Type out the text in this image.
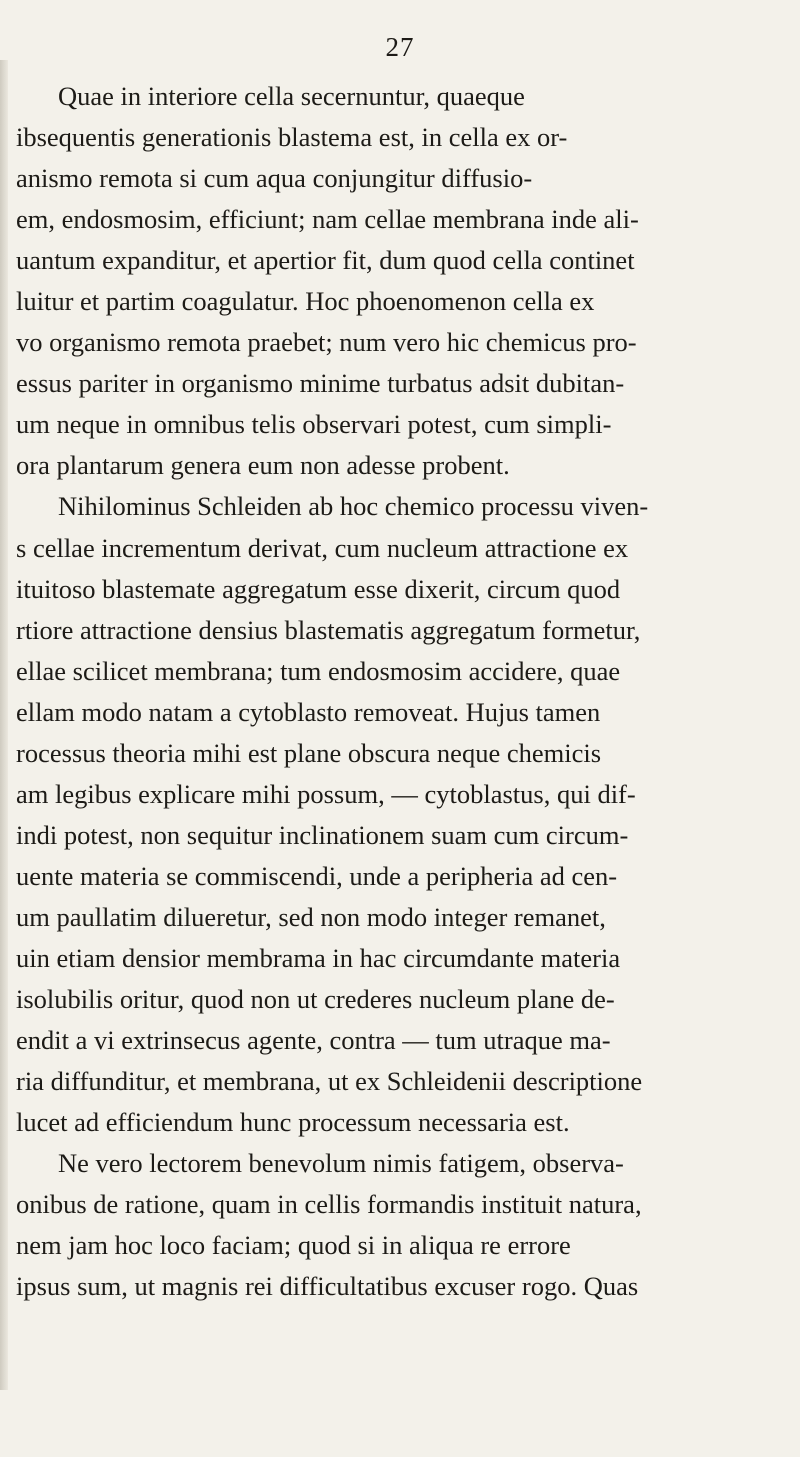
27
Quae in interiore cella secernuntur, quaeque
ibsequentis generationis blastema est, in cella ex or-
anismo remota si cum aqua conjungitur diffusio-
em, endosmosim, efficiunt; nam cellae membrana inde ali-
uantum expanditur, et apertior fit, dum quod cella continet
luitur et partim coagulatur. Hoc phoenomenon cella ex
vo organismo remota praebet; num vero hic chemicus pro-
essus pariter in organismo minime turbatus adsit dubitan-
um neque in omnibus telis observari potest, cum simpli-
ora plantarum genera eum non adesse probent.
Nihilominus Schleiden ab hoc chemico processu viven-
s cellae incrementum derivat, cum nucleum attractione ex
ituitoso blastemate aggregatum esse dixerit, circum quod
rtiore attractione densius blastematis aggregatum formetur,
ellae scilicet membrana; tum endosmosim accidere, quae
ellam modo natam a cytoblasto removeat. Hujus tamen
rocessus theoria mihi est plane obscura neque chemicis
am legibus explicare mihi possum, — cytoblastus, qui dif-
indi potest, non sequitur inclinationem suam cum circum-
uente materia se commiscendi, unde a peripheria ad cen-
um paullatim dilueretur, sed non modo integer remanet,
uin etiam densior membrama in hac circumdante materia
isolubilis oritur, quod non ut crederes nucleum plane de-
endit a vi extrinsecus agente, contra — tum utraque ma-
ria diffunditur, et membrana, ut ex Schleidenii descriptione
lucet ad efficiendum hunc processum necessaria est.
Ne vero lectorem benevolum nimis fatigem, observa-
onibus de ratione, quam in cellis formandis instituit natura,
nem jam hoc loco faciam; quod si in aliqua re errore
ipsus sum, ut magnis rei difficultatibus excuser rogo. Quas
